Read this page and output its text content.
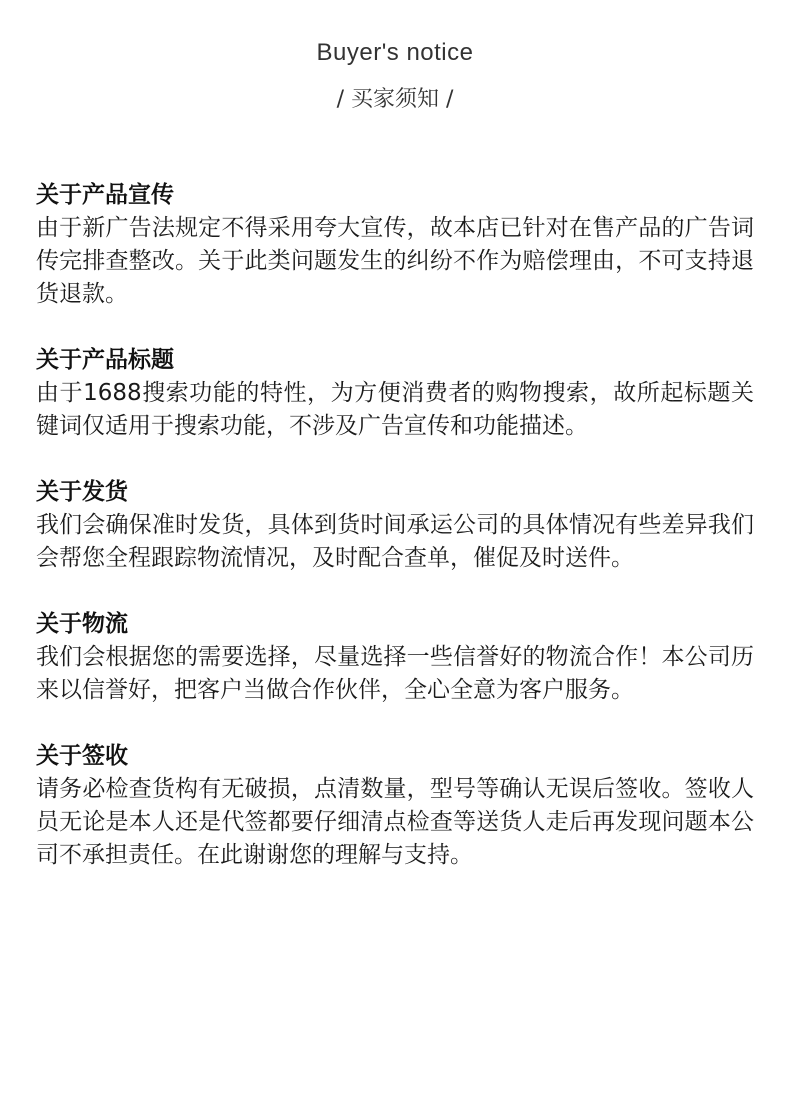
Buyer's notice
/ 买家须知 /
关于产品宣传
由于新广告法规定不得采用夸大宣传，故本店已针对在售产品的广告词传完排查整改。关于此类问题发生的纠纷不作为赔偿理由，不可支持退货退款。
关于产品标题
由于1688搜索功能的特性，为方便消费者的购物搜索，故所起标题关键词仅适用于搜索功能，不涉及广告宣传和功能描述。
关于发货
我们会确保准时发货，具体到货时间承运公司的具体情况有些差异我们会帮您全程跟踪物流情况，及时配合查单，催促及时送件。
关于物流
我们会根据您的需要选择，尽量选择一些信誉好的物流合作！本公司历来以信誉好，把客户当做合作伙伴，全心全意为客户服务。
关于签收
请务必检查货构有无破损，点清数量，型号等确认无误后签收。签收人员无论是本人还是代签都要仔细清点检查等送货人走后再发现问题本公司不承担责任。在此谢谢您的理解与支持。
